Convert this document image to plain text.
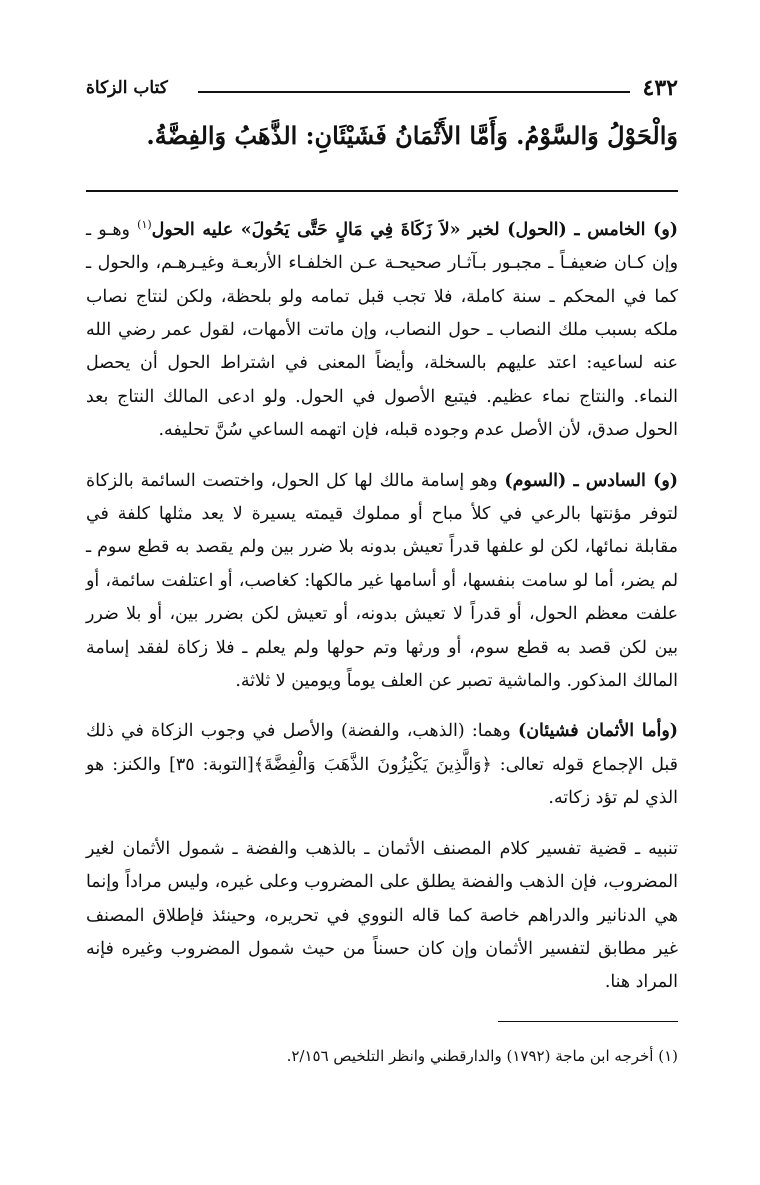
٤٣٢
كتاب الزكاة
وَالْحَوْلُ وَالسَّوْمُ. وَأَمَّا الأَثْمَانُ فَشَيْئَانِ: الذَّهَبُ وَالفِضَّةُ.

(و) الخامس ـ (الحول) لخبر «لاَ زَكَاةَ فِي مَالٍ حَتَّى يَحُولَ» عليه الحول$^{(١)}$ وهـو ـ وإن كـان ضعيفـاً ـ مجبـور بـآثـار صحيحـة عـن الخلفـاء الأربعـة وغيـرهـم، والحول ـ كما في المحكم ـ سنة كاملة، فلا تجب قبل تمامه ولو بلحظة، ولكن لنتاج نصاب ملكه بسبب ملك النصاب ـ حول النصاب، وإن ماتت الأمهات، لقول عمر رضي الله عنه لساعيه: اعتد عليهم بالسخلة، وأيضاً المعنى في اشتراط الحول أن يحصل النماء. والنتاج نماء عظيم. فيتبع الأصول في الحول. ولو ادعى المالك النتاج بعد الحول صدق، لأن الأصل عدم وجوده قبله، فإن اتهمه الساعي سُنَّ تحليفه.

(و) السادس ـ (السوم) وهو إسامة مالك لها كل الحول، واختصت السائمة بالزكاة لتوفر مؤنتها بالرعي في كلأ مباح أو مملوك قيمته يسيرة لا يعد مثلها كلفة في مقابلة نمائها، لكن لو علفها قدراً تعيش بدونه بلا ضرر بين ولم يقصد به قطع سوم ـ لم يضر، أما لو سامت بنفسها، أو أسامها غير مالكها: كغاصب، أو اعتلفت سائمة، أو علفت معظم الحول، أو قدراً لا تعيش بدونه، أو تعيش لكن بضرر بين، أو بلا ضرر بين لكن قصد به قطع سوم، أو ورثها وتم حولها ولم يعلم ـ فلا زكاة لفقد إسامة المالك المذكور. والماشية تصبر عن العلف يوماً ويومين لا ثلاثة.

(وأما الأثمان فشيئان) وهما: (الذهب، والفضة) والأصل في وجوب الزكاة في ذلك قبل الإجماع قوله تعالى: ﴿وَالَّذِينَ يَكْنِزُونَ الذَّهَبَ وَالْفِضَّةَ﴾[التوبة: ٣٥] والكنز: هو الذي لم تؤد زكاته.

تنبيه ـ قضية تفسير كلام المصنف الأثمان ـ بالذهب والفضة ـ شمول الأثمان لغير المضروب، فإن الذهب والفضة يطلق على المضروب وعلى غيره، وليس مراداً وإنما هي الدنانير والدراهم خاصة كما قاله النووي في تحريره، وحينئذ فإطلاق المصنف غير مطابق لتفسير الأثمان وإن كان حسناً من حيث شمول المضروب وغيره فإنه المراد هنا.

(١) أخرجه ابن ماجة (١٧٩٢) والدارقطني وانظر التلخيص ٢/١٥٦.
